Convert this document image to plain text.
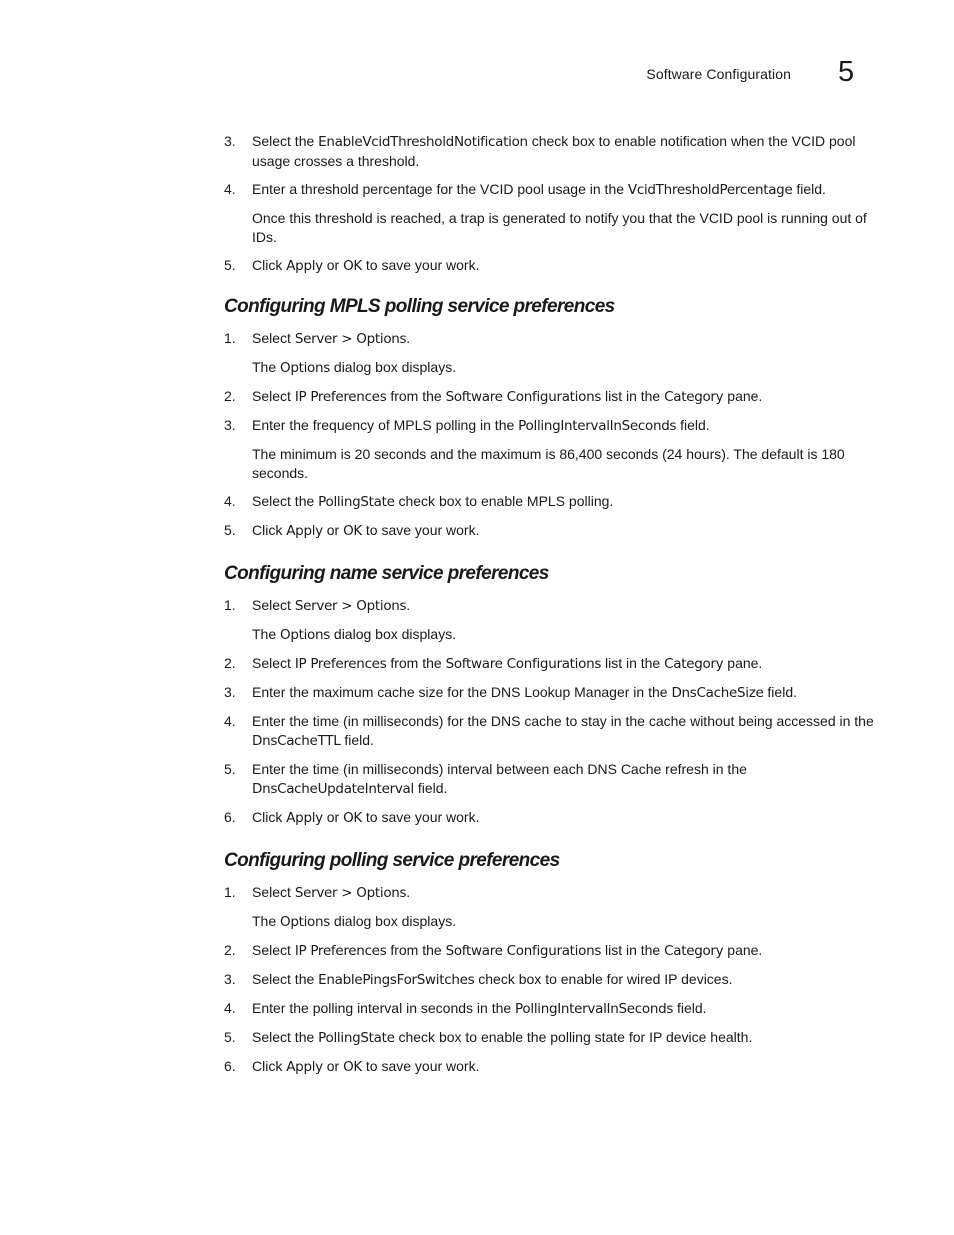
Software Configuration 5
3. Select the EnableVcidThresholdNotification check box to enable notification when the VCID pool usage crosses a threshold.
4. Enter a threshold percentage for the VCID pool usage in the VcidThresholdPercentage field.
Once this threshold is reached, a trap is generated to notify you that the VCID pool is running out of IDs.
5. Click Apply or OK to save your work.
Configuring MPLS polling service preferences
1. Select Server > Options.
The Options dialog box displays.
2. Select IP Preferences from the Software Configurations list in the Category pane.
3. Enter the frequency of MPLS polling in the PollingIntervalInSeconds field.
The minimum is 20 seconds and the maximum is 86,400 seconds (24 hours). The default is 180 seconds.
4. Select the PollingState check box to enable MPLS polling.
5. Click Apply or OK to save your work.
Configuring name service preferences
1. Select Server > Options.
The Options dialog box displays.
2. Select IP Preferences from the Software Configurations list in the Category pane.
3. Enter the maximum cache size for the DNS Lookup Manager in the DnsCacheSize field.
4. Enter the time (in milliseconds) for the DNS cache to stay in the cache without being accessed in the DnsCacheTTL field.
5. Enter the time (in milliseconds) interval between each DNS Cache refresh in the DnsCacheUpdateInterval field.
6. Click Apply or OK to save your work.
Configuring polling service preferences
1. Select Server > Options.
The Options dialog box displays.
2. Select IP Preferences from the Software Configurations list in the Category pane.
3. Select the EnablePingsForSwitches check box to enable for wired IP devices.
4. Enter the polling interval in seconds in the PollingIntervalInSeconds field.
5. Select the PollingState check box to enable the polling state for IP device health.
6. Click Apply or OK to save your work.
